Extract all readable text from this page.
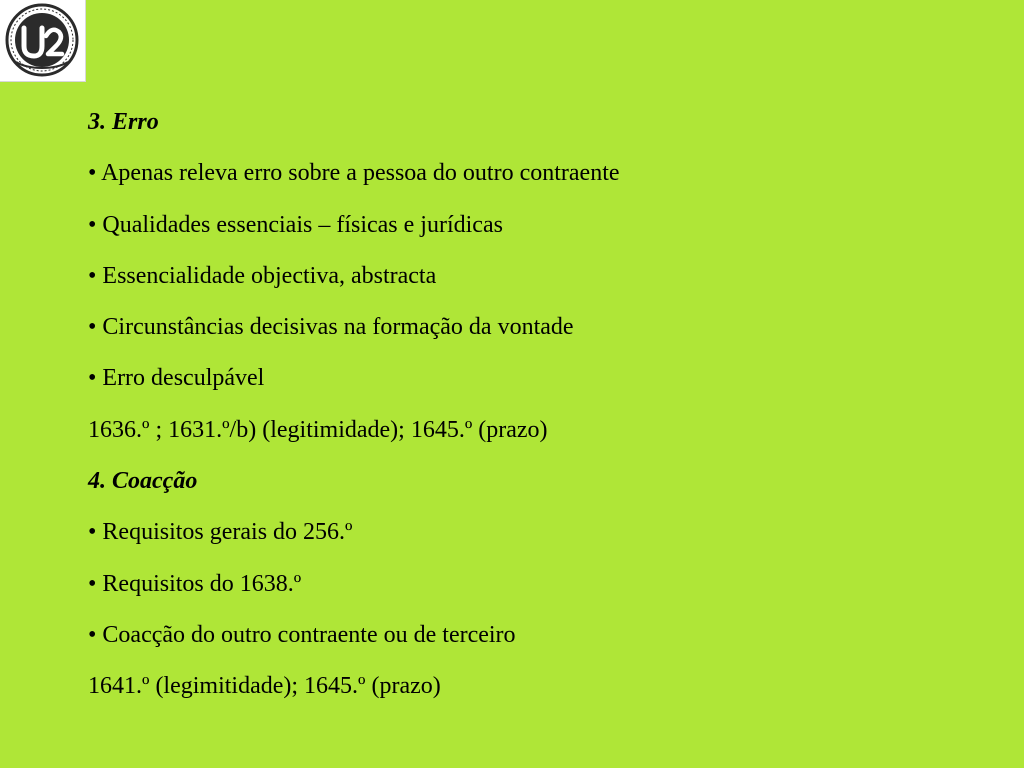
3. Erro
• Apenas releva erro sobre a pessoa do outro contraente
• Qualidades essenciais – físicas e jurídicas
• Essencialidade objectiva, abstracta
• Circunstâncias decisivas na formação da vontade
• Erro desculpável
1636.º ; 1631.º/b) (legitimidade); 1645.º (prazo)
4. Coacção
• Requisitos gerais do 256.º
• Requisitos do 1638.º
• Coacção do outro contraente ou de terceiro
1641.º (legimitidade); 1645.º (prazo)
